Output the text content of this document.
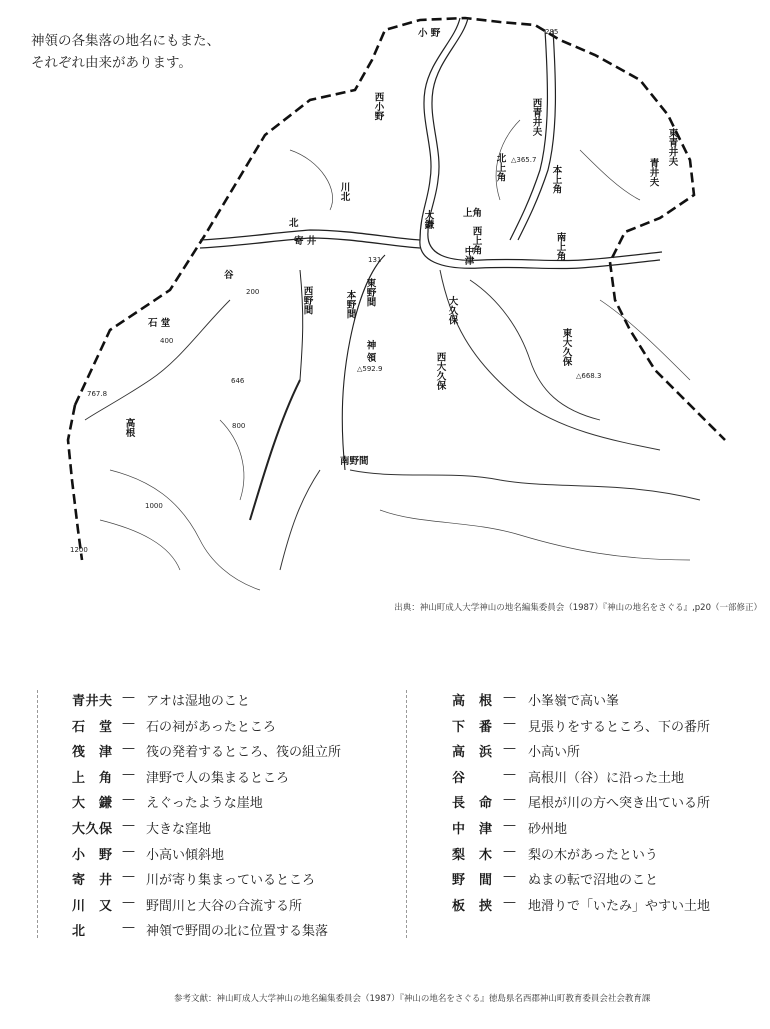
神領の各集落の地名にもまた、
それぞれ由来があります。
小 野
西小野	西青井夫
東青井夫
青井夫
北上角	本上角
上角
西上角
川北
北
寄 井
大鎌
中津	南上角
谷
石 堂
西野間	東野間
本野間
神 領
大久保
西大久保
東大久保
高根
南野間
285
△365.7
200
131
△592.9
△668.3
767.8
646
400
800
1000
1200
出典：神山町成人大学神山の地名編集委員会（1987）『神山の地名をさぐる』,p20（一部修正）
青井夫 — アオは湿地のこと
石　堂 — 石の祠があったところ
筏　津 — 筏の発着するところ、筏の組立所
上　角 — 津野で人の集まるところ
大　鎌 — えぐったような崖地
大久保 — 大きな窪地
小　野 — 小高い傾斜地
寄　井 — 川が寄り集まっているところ
川　又 — 野間川と大谷の合流する所
北	— 神領で野間の北に位置する集落
高　根 — 小峯嶺で高い峯
下　番 — 見張りをするところ、下の番所
高　浜 — 小高い所
谷	— 高根川（谷）に沿った土地
長　命 — 尾根が川の方へ突き出ている所
中　津 — 砂州地
梨　木 — 梨の木があったという
野　間 — ぬまの転で沼地のこと
板　挟 — 地滑りで「いたみ」やすい土地
参考文献：神山町成人大学神山の地名編集委員会（1987）『神山の地名をさぐる』徳島県名西郡神山町教育委員会社会教育課
